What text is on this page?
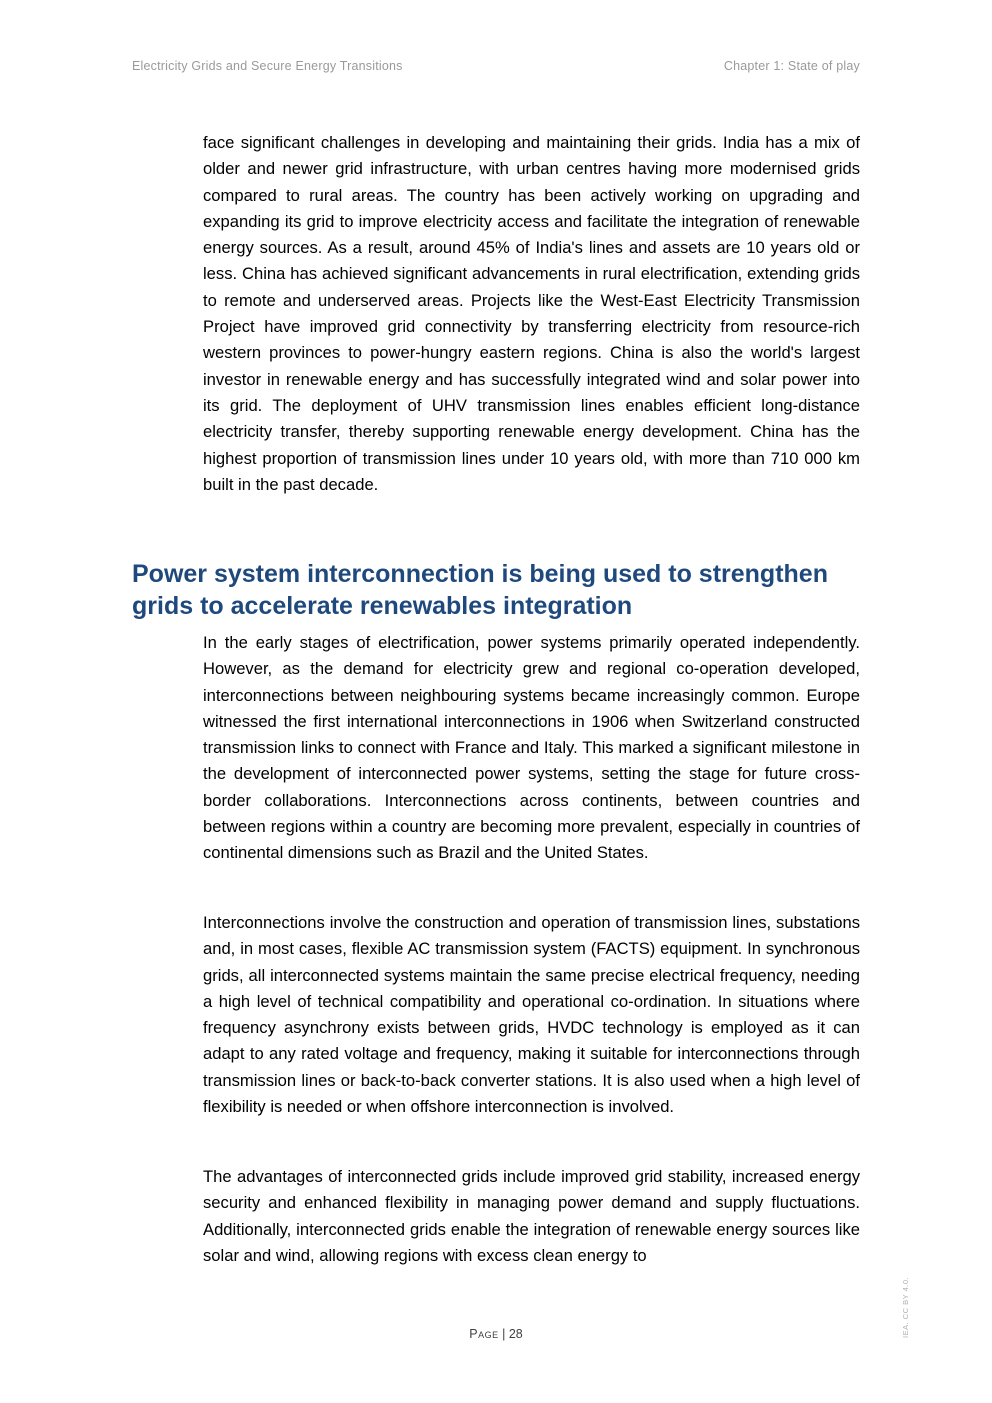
Electricity Grids and Secure Energy Transitions	Chapter 1: State of play

face significant challenges in developing and maintaining their grids. India has a mix of older and newer grid infrastructure, with urban centres having more modernised grids compared to rural areas. The country has been actively working on upgrading and expanding its grid to improve electricity access and facilitate the integration of renewable energy sources. As a result, around 45% of India's lines and assets are 10 years old or less. China has achieved significant advancements in rural electrification, extending grids to remote and underserved areas. Projects like the West-East Electricity Transmission Project have improved grid connectivity by transferring electricity from resource-rich western provinces to power-hungry eastern regions. China is also the world's largest investor in renewable energy and has successfully integrated wind and solar power into its grid. The deployment of UHV transmission lines enables efficient long-distance electricity transfer, thereby supporting renewable energy development. China has the highest proportion of transmission lines under 10 years old, with more than 710 000 km built in the past decade.

Power system interconnection is being used to strengthen grids to accelerate renewables integration

In the early stages of electrification, power systems primarily operated independently. However, as the demand for electricity grew and regional co-operation developed, interconnections between neighbouring systems became increasingly common. Europe witnessed the first international interconnections in 1906 when Switzerland constructed transmission links to connect with France and Italy. This marked a significant milestone in the development of interconnected power systems, setting the stage for future cross-border collaborations. Interconnections across continents, between countries and between regions within a country are becoming more prevalent, especially in countries of continental dimensions such as Brazil and the United States.

Interconnections involve the construction and operation of transmission lines, substations and, in most cases, flexible AC transmission system (FACTS) equipment. In synchronous grids, all interconnected systems maintain the same precise electrical frequency, needing a high level of technical compatibility and operational co-ordination. In situations where frequency asynchrony exists between grids, HVDC technology is employed as it can adapt to any rated voltage and frequency, making it suitable for interconnections through transmission lines or back-to-back converter stations. It is also used when a high level of flexibility is needed or when offshore interconnection is involved.

The advantages of interconnected grids include improved grid stability, increased energy security and enhanced flexibility in managing power demand and supply fluctuations. Additionally, interconnected grids enable the integration of renewable energy sources like solar and wind, allowing regions with excess clean energy to

Page | 28	IEA. CC BY 4.0.
